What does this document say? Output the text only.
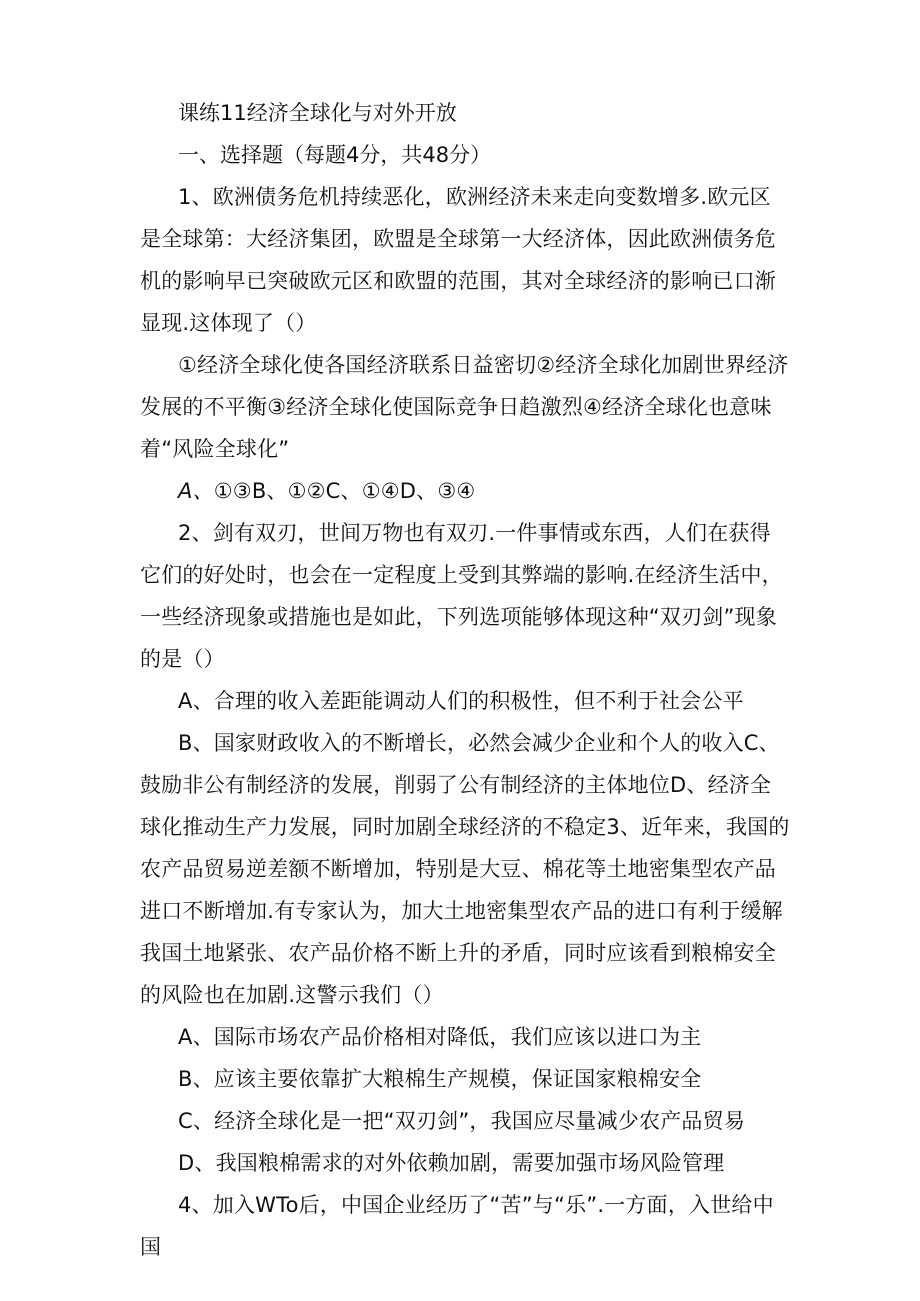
课练11经济全球化与对外开放

一、选择题（每题4分，共48分）

1、欧洲债务危机持续恶化，欧洲经济未来走向变数增多.欧元区是全球第：大经济集团，欧盟是全球第一大经济体，因此欧洲债务危机的影响早已突破欧元区和欧盟的范围，其对全球经济的影响已口渐显现.这体现了（）

①经济全球化使各国经济联系日益密切②经济全球化加剧世界经济发展的不平衡③经济全球化使国际竞争日趋激烈④经济全球化也意味着“风险全球化”

A、①③B、①②C、①④D、③④

2、剑有双刃，世间万物也有双刃.一件事情或东西，人们在获得它们的好处时，也会在一定程度上受到其弊端的影响.在经济生活中，一些经济现象或措施也是如此，下列选项能够体现这种“双刃剑”现象的是（）

A、合理的收入差距能调动人们的积极性，但不利于社会公平

B、国家财政收入的不断增长，必然会减少企业和个人的收入C、鼓励非公有制经济的发展，削弱了公有制经济的主体地位D、经济全球化推动生产力发展，同时加剧全球经济的不稳定3、近年来，我国的农产品贸易逆差额不断增加，特别是大豆、棉花等土地密集型农产品进口不断增加.有专家认为，加大土地密集型农产品的进口有利于缓解我国土地紧张、农产品价格不断上升的矛盾，同时应该看到粮棉安全的风险也在加剧.这警示我们（）

A、国际市场农产品价格相对降低，我们应该以进口为主

B、应该主要依靠扩大粮棉生产规模，保证国家粮棉安全

C、经济全球化是一把“双刃剑”，我国应尽量减少农产品贸易

D、我国粮棉需求的对外依赖加剧，需要加强市场风险管理

4、加入WTo后，中国企业经历了“苦”与“乐”.一方面，入世给中国
